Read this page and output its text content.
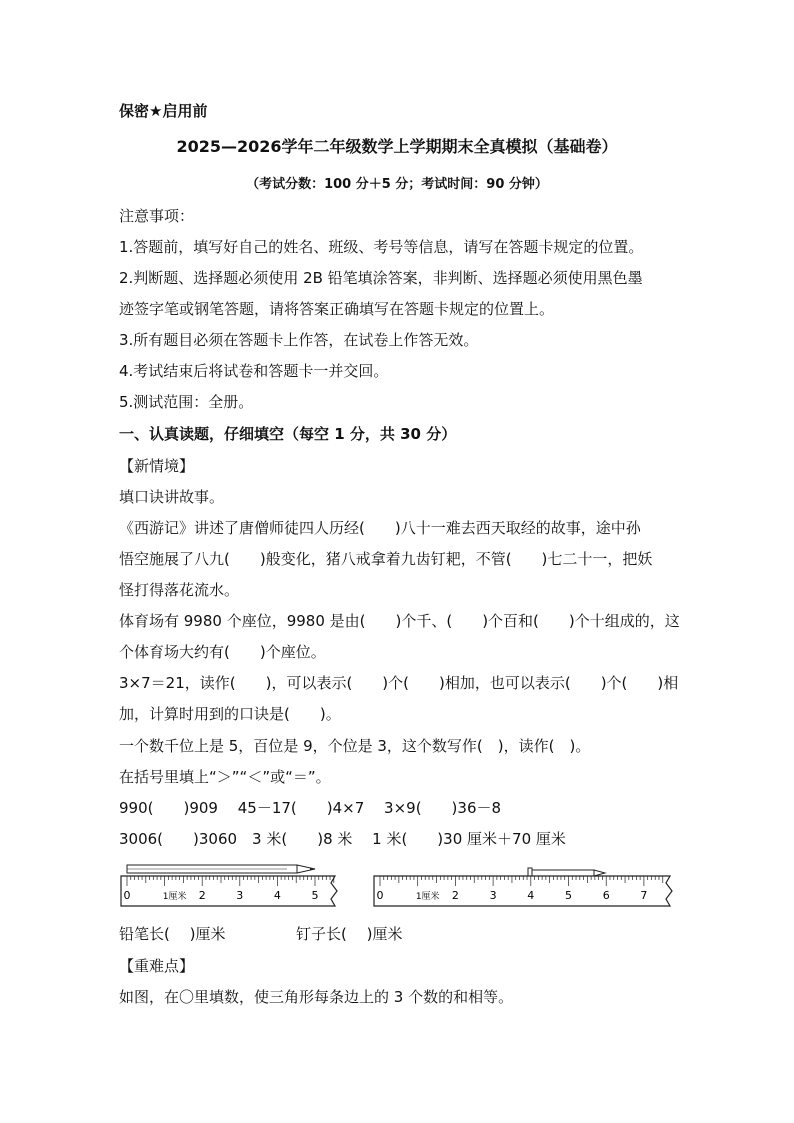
保密★启用前
2025—2026学年二年级数学上学期期末全真模拟（基础卷）
（考试分数：100 分＋5 分；考试时间：90 分钟）
注意事项：
1.答题前，填写好自己的姓名、班级、考号等信息，请写在答题卡规定的位置。
2.判断题、选择题必须使用 2B 铅笔填涂答案，非判断、选择题必须使用黑色墨
迹签字笔或钢笔答题，请将答案正确填写在答题卡规定的位置上。
3.所有题目必须在答题卡上作答，在试卷上作答无效。
4.考试结束后将试卷和答题卡一并交回。
5.测试范围：全册。
一、认真读题，仔细填空（每空 1 分，共 30 分）
【新情境】
填口诀讲故事。
《西游记》讲述了唐僧师徒四人历经(　　)八十一难去西天取经的故事，途中孙
悟空施展了八九(　　)般变化，猪八戒拿着九齿钉耙，不管(　　)七二十一，把妖
怪打得落花流水。
体育场有 9980 个座位，9980 是由(　　)个千、(　　)个百和(　　)个十组成的，这
个体育场大约有(　　)个座位。
3×7＝21，读作(　　)，可以表示(　　)个(　　)相加，也可以表示(　　)个(　　)相
加，计算时用到的口诀是(　　)。
一个数千位上是 5，百位是 9，个位是 3，这个数写作(　)，读作(　)。
在括号里填上“＞”“＜”或“＝”。
990(　　)909　 45－17(　　)4×7　 3×9(　　)36－8
3006(　　)3060　3 米(　　)8 米　 1 米(　　)30 厘米＋70 厘米
0	1厘米 2	3	4	5	0	1厘米 2	3	4	5	6	7
铅笔长(　 )厘米	钉子长(　 )厘米
【重难点】
如图，在〇里填数，使三角形每条边上的 3 个数的和相等。
